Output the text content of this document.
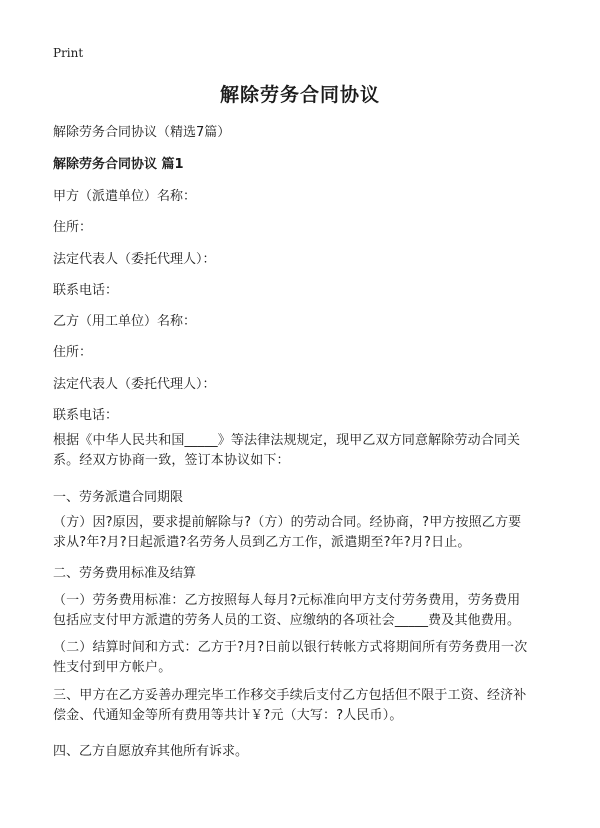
Print
解除劳务合同协议

解除劳务合同协议（精选7篇）

解除劳务合同协议 篇1

甲方（派遣单位）名称：

住所：

法定代表人（委托代理人）：

联系电话：

乙方（用工单位）名称：

住所：

法定代表人（委托代理人）：

联系电话：

根据《中华人民共和国_____》等法律法规规定，现甲乙双方同意解除劳动合同关
系。经双方协商一致，签订本协议如下：

一、劳务派遣合同期限

（方）因?原因，要求提前解除与?（方）的劳动合同。经协商，?甲方按照乙方要
求从?年?月?日起派遣?名劳务人员到乙方工作，派遣期至?年?月?日止。

二、劳务费用标准及结算

（一）劳务费用标准：乙方按照每人每月?元标准向甲方支付劳务费用，劳务费用
包括应支付甲方派遣的劳务人员的工资、应缴纳的各项社会_____费及其他费用。
（二）结算时间和方式：乙方于?月?日前以银行转帐方式将期间所有劳务费用一次
性支付到甲方帐户。
三、甲方在乙方妥善办理完毕工作移交手续后支付乙方包括但不限于工资、经济补
偿金、代通知金等所有费用等共计￥?元（大写：?人民币）。

四、乙方自愿放弃其他所有诉求。
